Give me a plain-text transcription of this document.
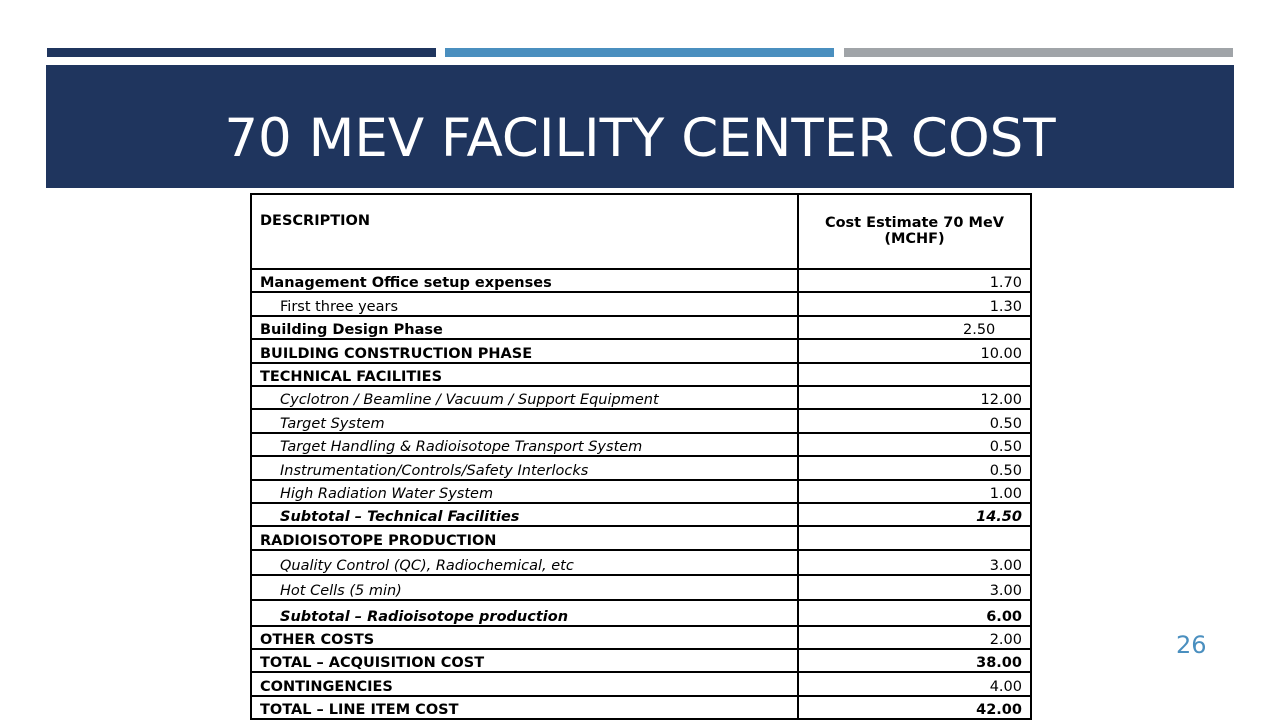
70 MEV FACILITY CENTER COST
DESCRIPTION	Cost Estimate 70 MeV
(MCHF)
Management Office setup expenses	1.70
First three years	1.30
Building Design Phase	2.50
BUILDING CONSTRUCTION PHASE	10.00
TECHNICAL FACILITIES	
Cyclotron / Beamline / Vacuum / Support Equipment	12.00
Target System	0.50
Target Handling & Radioisotope Transport System	0.50
Instrumentation/Controls/Safety Interlocks	0.50
High Radiation Water System	1.00
Subtotal – Technical Facilities	14.50
RADIOISOTOPE PRODUCTION	
Quality Control (QC), Radiochemical, etc	3.00
Hot Cells (5 min)	3.00
Subtotal – Radioisotope production	6.00
OTHER COSTS	2.00
TOTAL – ACQUISITION COST	38.00
CONTINGENCIES	4.00
TOTAL – LINE ITEM COST	42.00
26
